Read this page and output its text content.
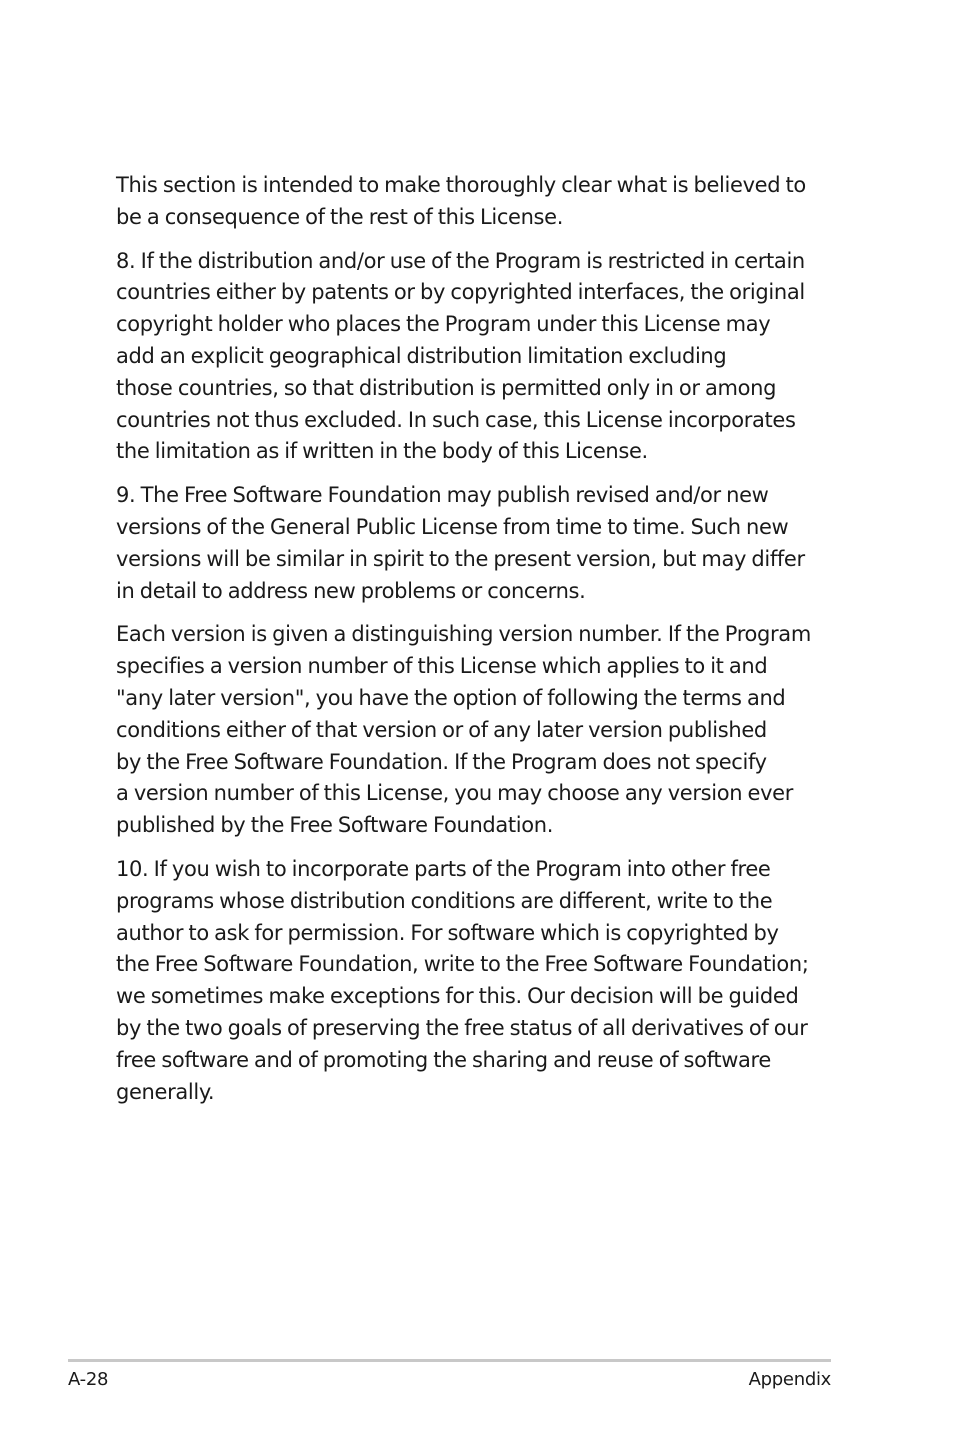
This section is intended to make thoroughly clear what is believed to
be a consequence of the rest of this License.
8. If the distribution and/or use of the Program is restricted in certain
countries either by patents or by copyrighted interfaces, the original
copyright holder who places the Program under this License may
add an explicit geographical distribution limitation excluding
those countries, so that distribution is permitted only in or among
countries not thus excluded. In such case, this License incorporates
the limitation as if written in the body of this License.
9. The Free Software Foundation may publish revised and/or new
versions of the General Public License from time to time. Such new
versions will be similar in spirit to the present version, but may differ
in detail to address new problems or concerns.
Each version is given a distinguishing version number. If the Program
specifies a version number of this License which applies to it and
"any later version", you have the option of following the terms and
conditions either of that version or of any later version published
by the Free Software Foundation. If the Program does not specify
a version number of this License, you may choose any version ever
published by the Free Software Foundation.
10. If you wish to incorporate parts of the Program into other free
programs whose distribution conditions are different, write to the
author to ask for permission. For software which is copyrighted by
the Free Software Foundation, write to the Free Software Foundation;
we sometimes make exceptions for this. Our decision will be guided
by the two goals of preserving the free status of all derivatives of our
free software and of promoting the sharing and reuse of software
generally.
A-28	Appendix
